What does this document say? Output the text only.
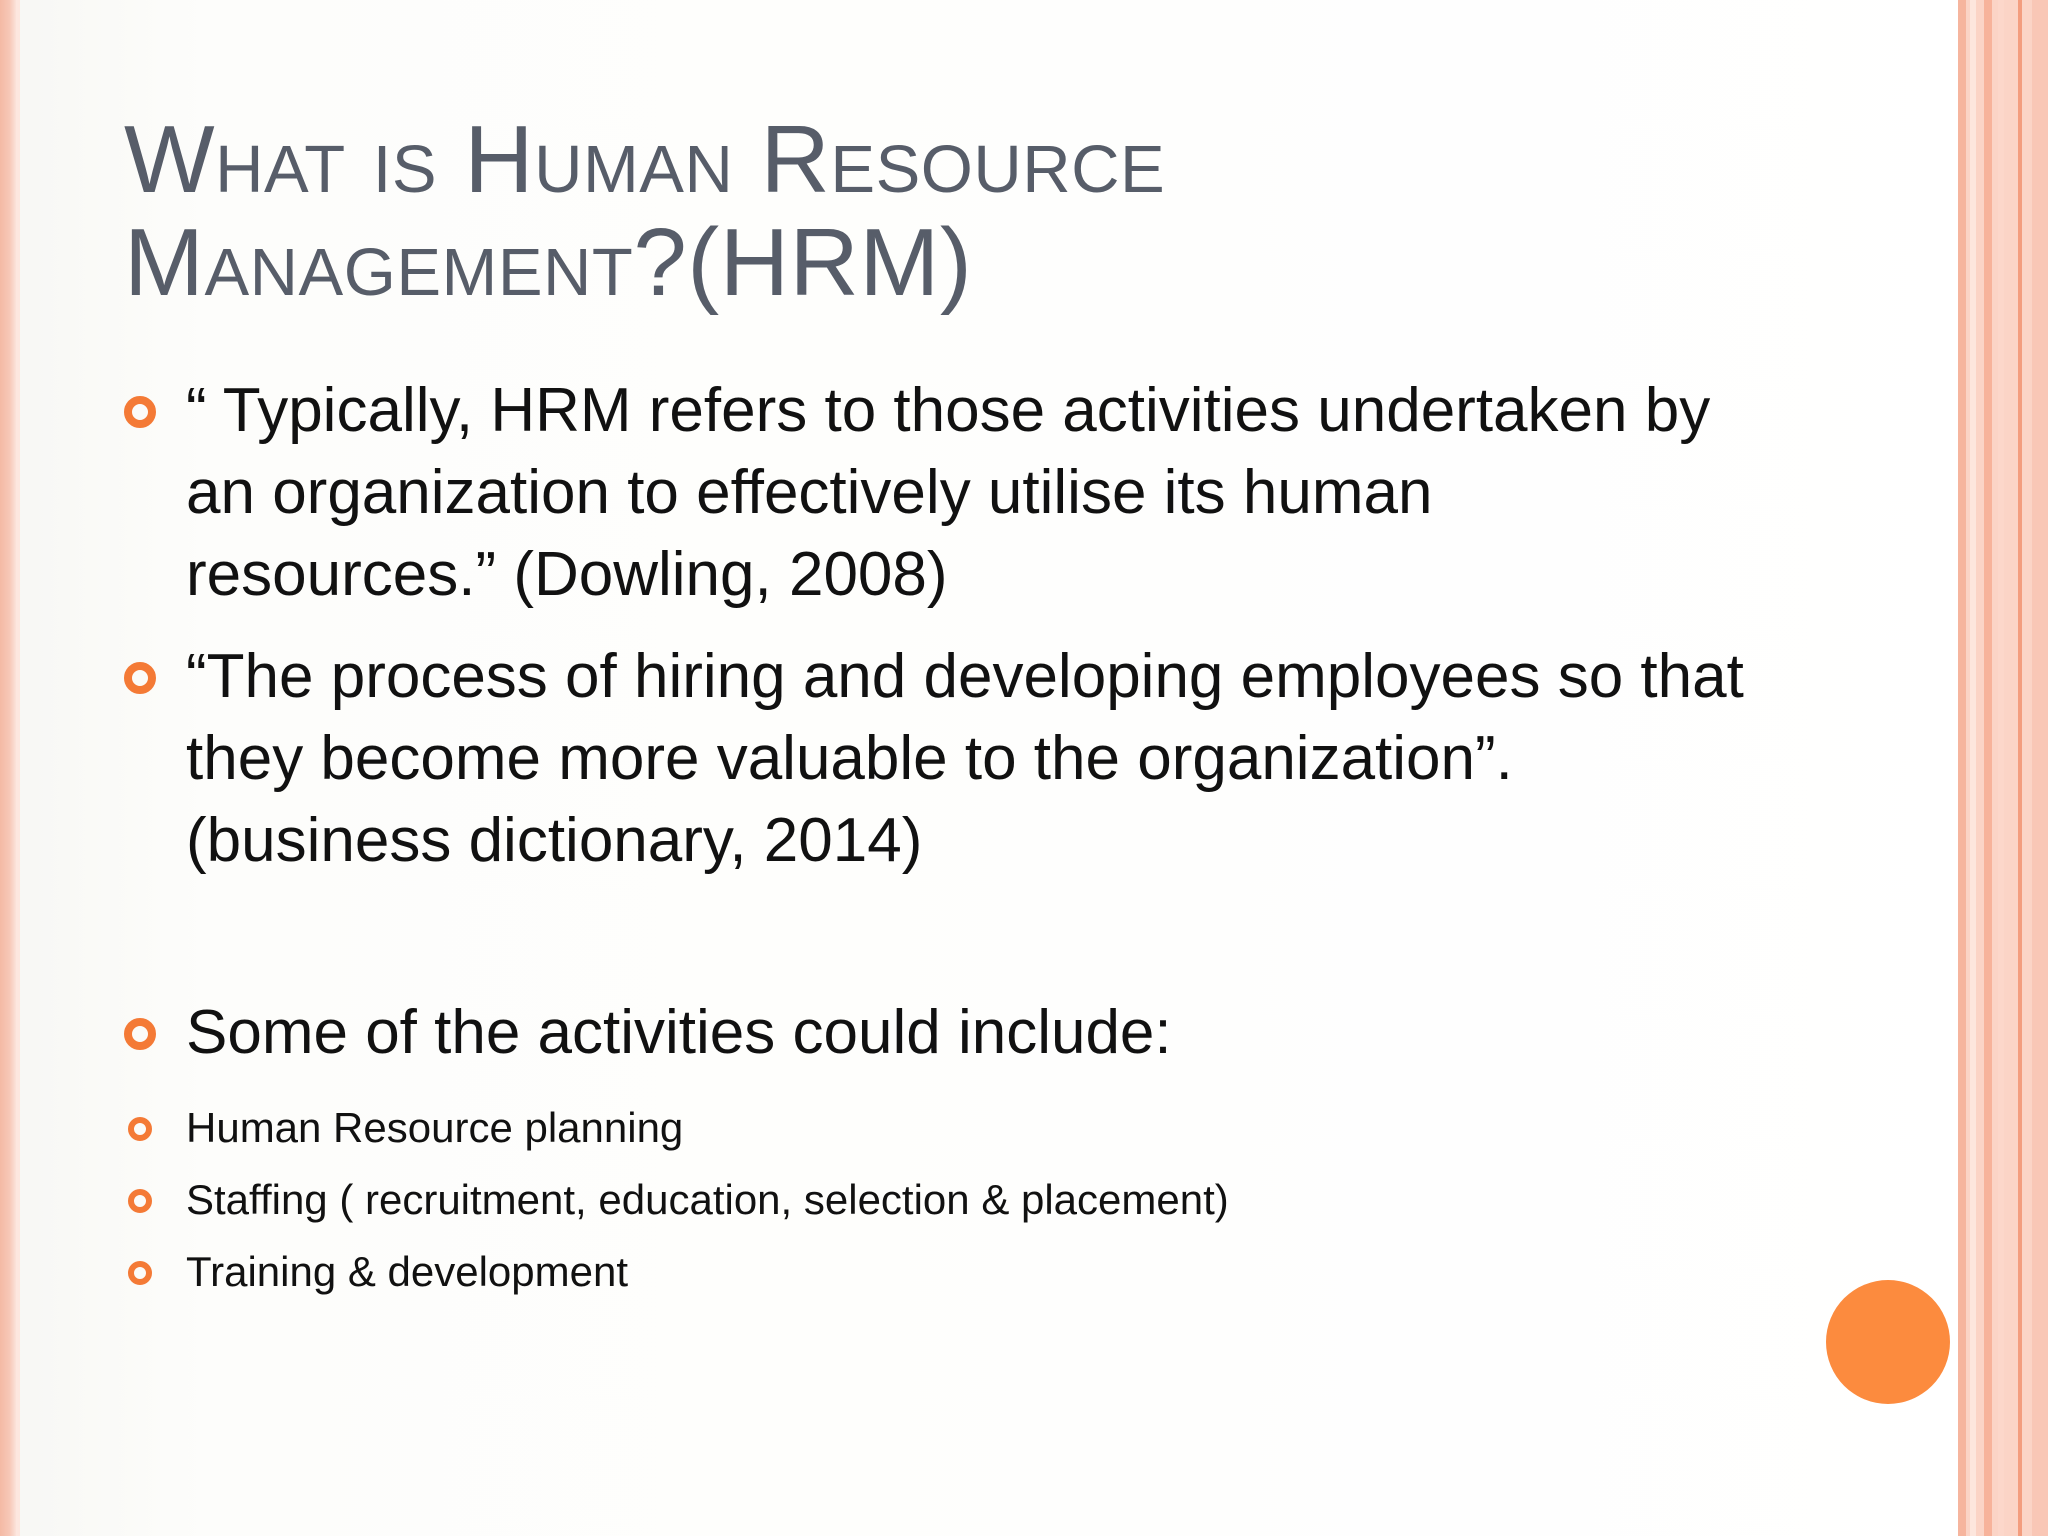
What is Human Resource
Management?(HRM)
“ Typically, HRM refers to those activities undertaken by an organization to effectively utilise its human resources.” (Dowling, 2008)
“The process of hiring and developing employees so that they become more valuable to the organization”. (business dictionary, 2014)
Some of the activities could include:
Human Resource planning
Staffing ( recruitment, education, selection & placement)
Training & development
